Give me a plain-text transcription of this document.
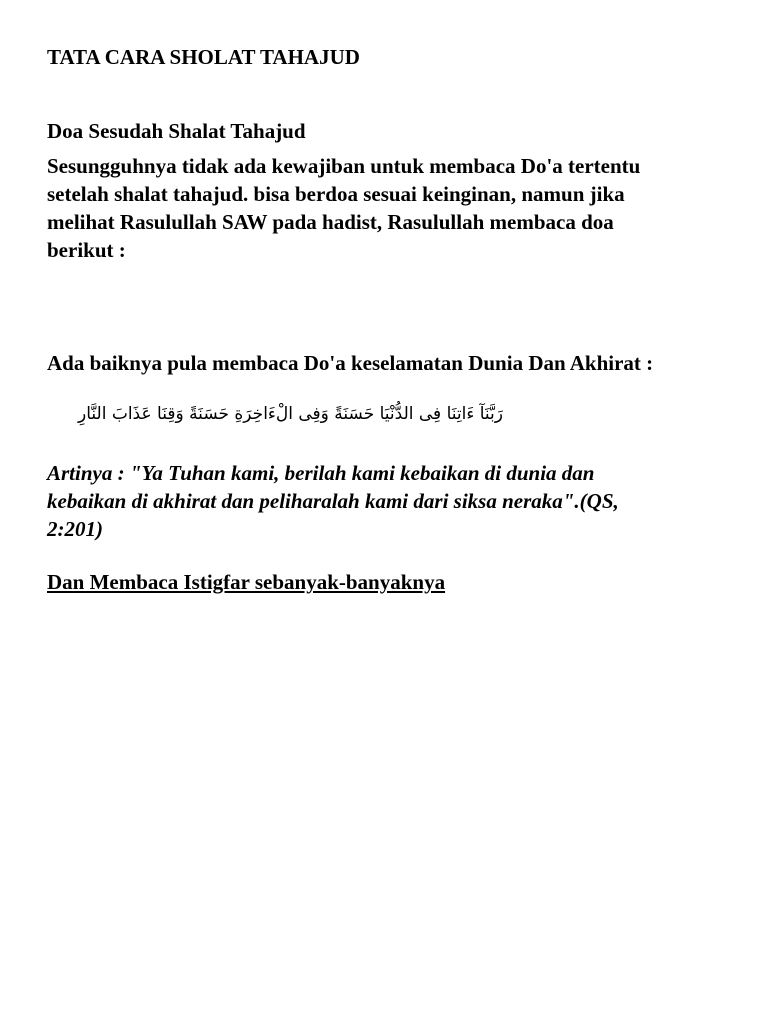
TATA CARA SHOLAT TAHAJUD
Doa Sesudah Shalat Tahajud

Sesungguhnya tidak ada kewajiban untuk membaca Do'a tertentu
setelah shalat tahajud. bisa berdoa sesuai keinginan, namun jika
melihat Rasulullah SAW pada hadist, Rasulullah membaca doa
berikut :

Ada baiknya pula membaca Do'a keselamatan Dunia Dan Akhirat :

رَبَّنَآ ءَاتِنَا فِى الدُّنْيَا حَسَنَةً وَفِى الْءَاخِرَةِ حَسَنَةً وَقِنَا عَذَابَ النَّارِ

Artinya : "Ya Tuhan kami, berilah kami kebaikan di dunia dan
kebaikan di akhirat dan peliharalah kami dari siksa neraka".(QS,
2:201)

Dan Membaca Istigfar sebanyak-banyaknya
